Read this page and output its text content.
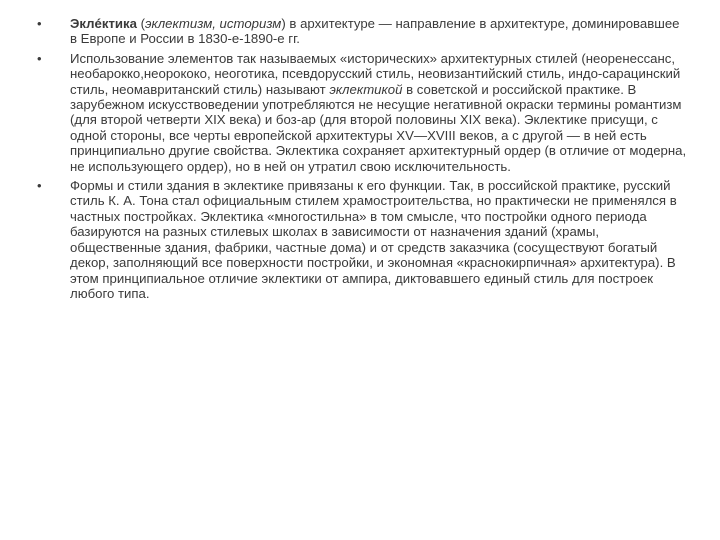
•	Эклéктика (эклектизм, историзм) в архитектуре — направление в архитектуре, доминировавшее в Европе и России в 1830-е-1890-е гг.
•	Использование элементов так называемых «исторических» архитектурных стилей (неоренессанс, необарокко,неорококо, неоготика, псевдорусский стиль, неовизантийский стиль, индо-сарацинский стиль, неомавританский стиль) называют эклектикой в советской и российской практике. В зарубежном искусствоведении употребляются не несущие негативной окраски термины романтизм (для второй четверти XIX века) и боз-ар (для второй половины XIX века). Эклектике присущи, с одной стороны, все черты европейской архитектуры XV—XVIII веков, а с другой — в ней есть принципиально другие свойства. Эклектика сохраняет архитектурный ордер (в отличие от модерна, не использующего ордер), но в ней он утратил свою исключительность.
•	Формы и стили здания в эклектике привязаны к его функции. Так, в российской практике, русский стиль К. А. Тона стал официальным стилем храмостроительства, но практически не применялся в частных постройках. Эклектика «многостильна» в том смысле, что постройки одного периода базируются на разных стилевых школах в зависимости от назначения зданий (храмы, общественные здания, фабрики, частные дома) и от средств заказчика (сосуществуют богатый декор, заполняющий все поверхности постройки, и экономная «краснокирпичная» архитектура). В этом принципиальное отличие эклектики от ампира, диктовавшего единый стиль для построек любого типа.
